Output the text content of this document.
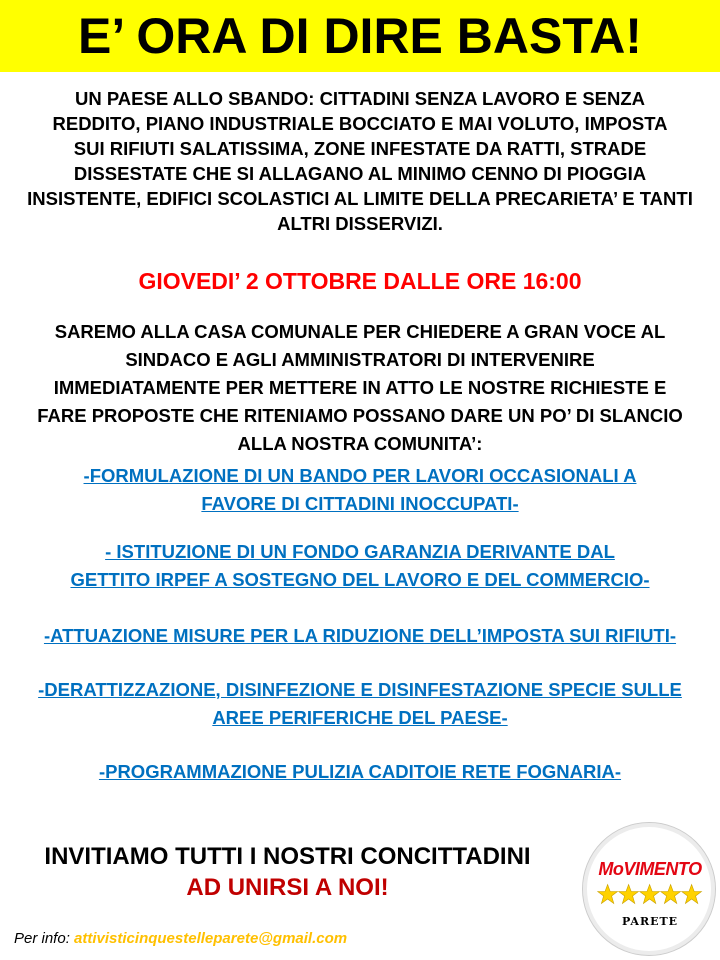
E’ ORA DI DIRE BASTA!
UN PAESE ALLO SBANDO: CITTADINI SENZA LAVORO E SENZA
REDDITO, PIANO INDUSTRIALE BOCCIATO E MAI VOLUTO, IMPOSTA
SUI RIFIUTI SALATISSIMA, ZONE INFESTATE DA RATTI, STRADE
DISSESTATE CHE SI ALLAGANO AL MINIMO CENNO DI PIOGGIA
INSISTENTE, EDIFICI SCOLASTICI AL LIMITE DELLA PRECARIETA’ E TANTI
ALTRI DISSERVIZI.
GIOVEDI’ 2 OTTOBRE DALLE ORE 16:00
SAREMO ALLA CASA COMUNALE PER CHIEDERE A GRAN VOCE AL
SINDACO E AGLI AMMINISTRATORI DI INTERVENIRE
IMMEDIATAMENTE PER METTERE IN ATTO LE NOSTRE RICHIESTE E
FARE PROPOSTE CHE RITENIAMO POSSANO DARE UN PO’ DI SLANCIO
ALLA NOSTRA COMUNITA’:
-FORMULAZIONE DI UN BANDO PER LAVORI OCCASIONALI A
FAVORE DI CITTADINI INOCCUPATI-
- ISTITUZIONE DI UN FONDO GARANZIA DERIVANTE DAL
GETTITO IRPEF A SOSTEGNO DEL LAVORO E DEL COMMERCIO-
-ATTUAZIONE MISURE PER LA RIDUZIONE DELL’IMPOSTA SUI RIFIUTI-
-DERATTIZZAZIONE, DISINFEZIONE E DISINFESTAZIONE SPECIE SULLE
AREE PERIFERICHE DEL PAESE-
-PROGRAMMAZIONE PULIZIA CADITOIE RETE FOGNARIA-
INVITIAMO TUTTI I NOSTRI CONCITTADINI
AD UNIRSI A NOI!
Per info: attivisticinquestelleparete@gmail.com
MoVIMENTO
PARETE
